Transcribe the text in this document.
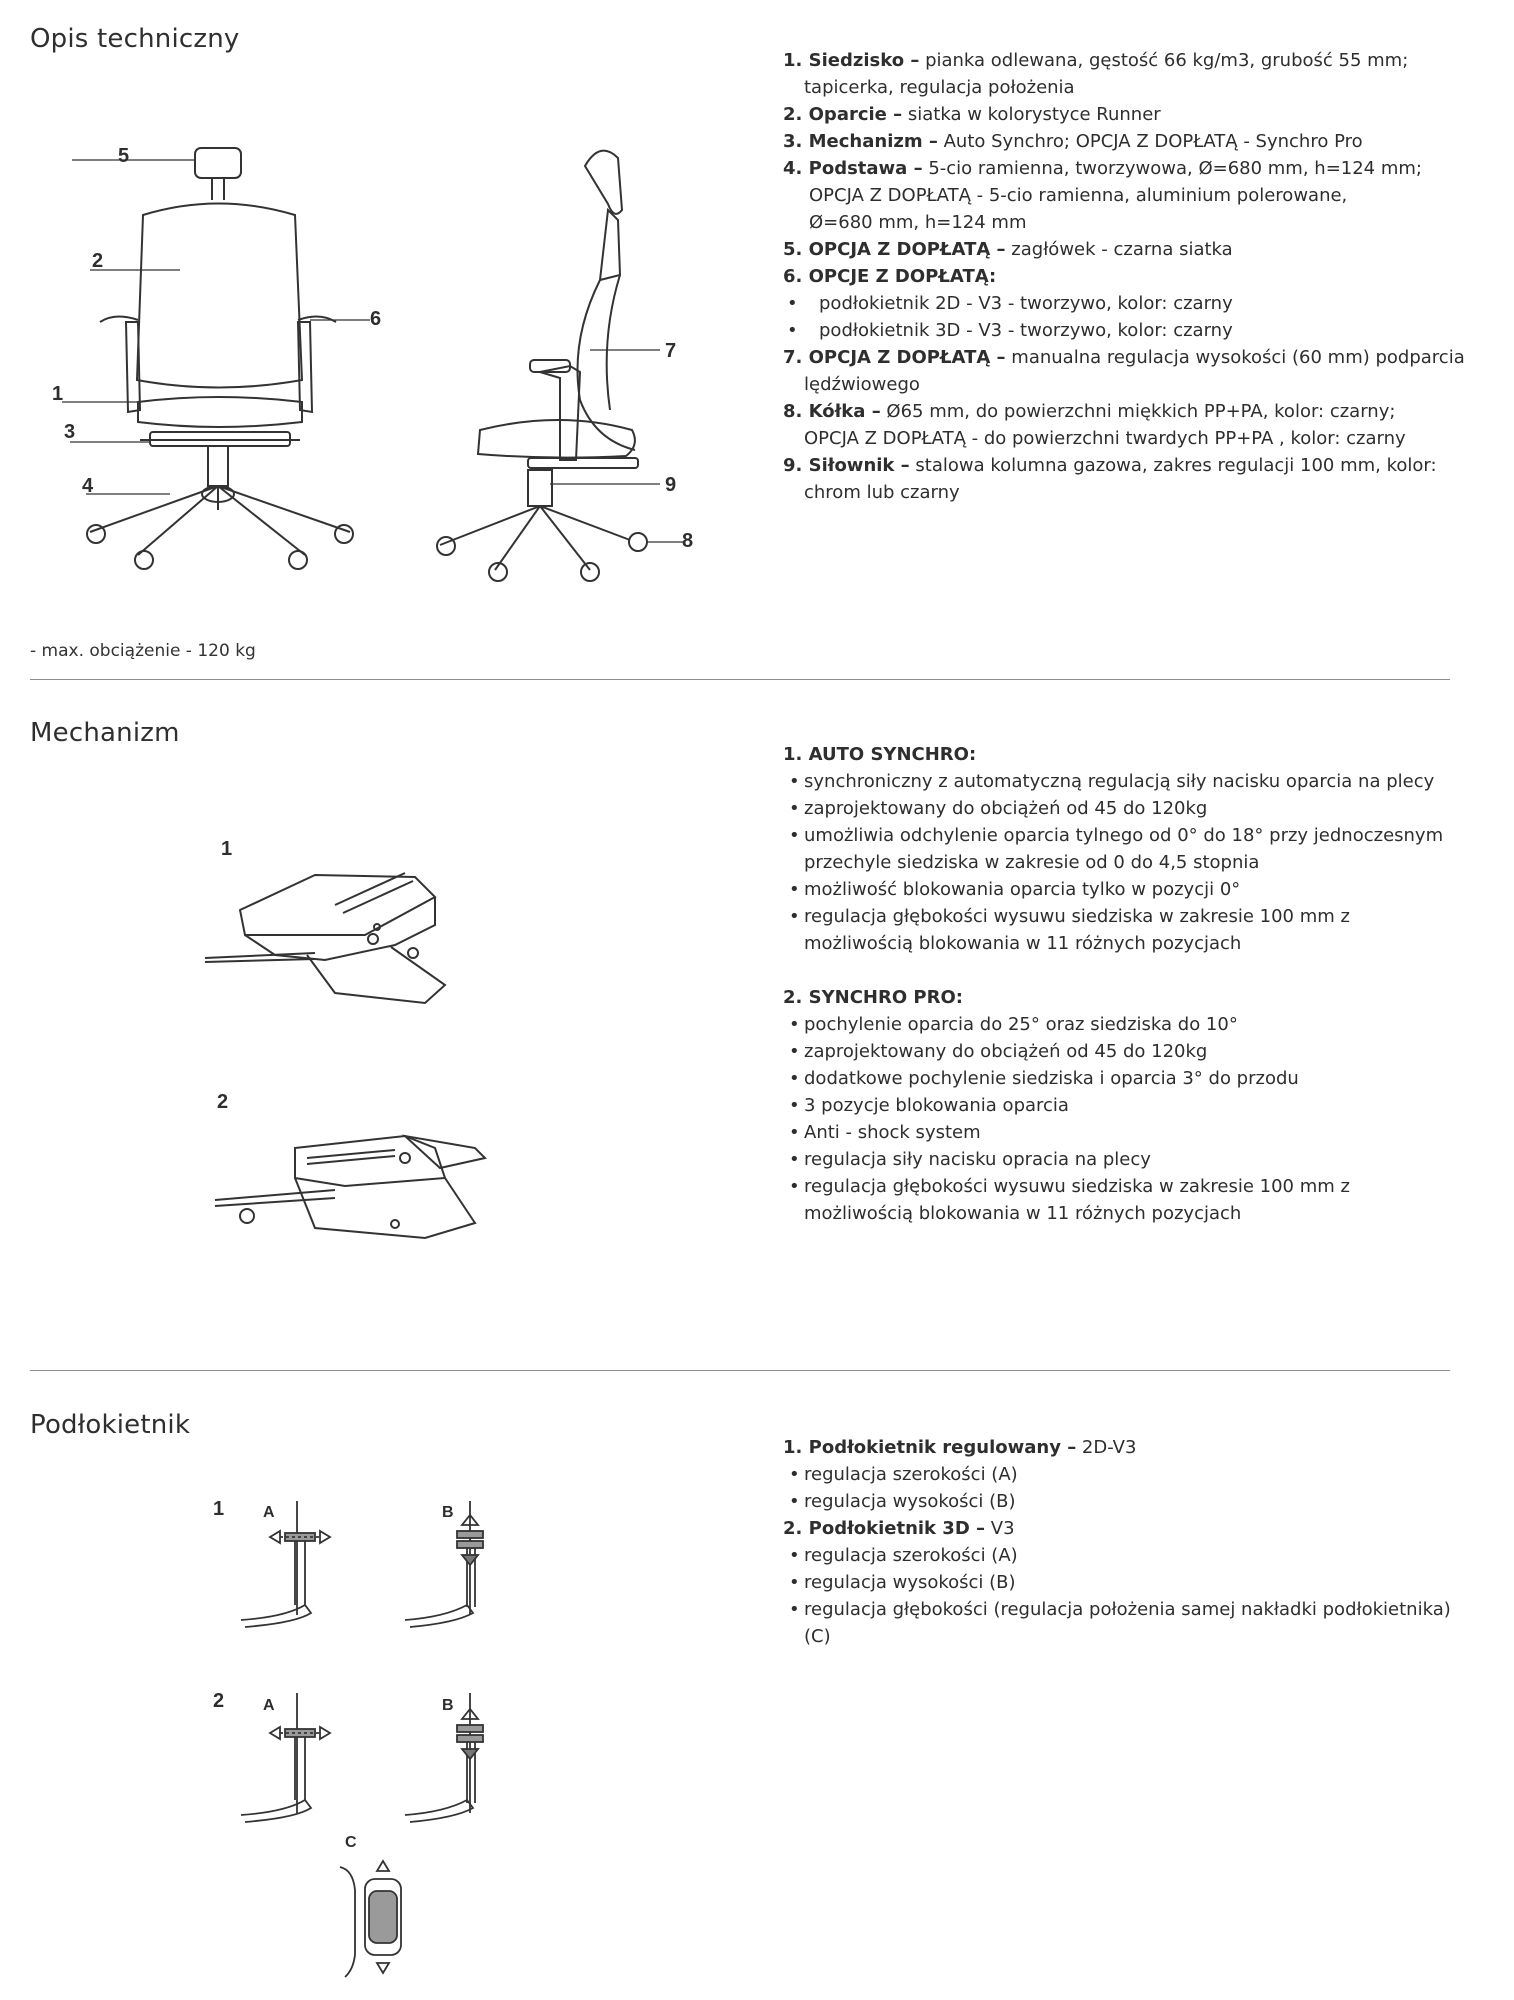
Opis techniczny
5
2
6
1
3
4
7
9
8

1. Siedzisko – pianka odlewana, gęstość 66 kg/m3, grubość 55 mm;

tapicerka, regulacja położenia

2. Oparcie – siatka w kolorystyce Runner

3. Mechanizm – Auto Synchro; OPCJA Z DOPŁATĄ - Synchro Pro

4. Podstawa – 5-cio ramienna, tworzywowa, Ø=680 mm, h=124 mm;

OPCJA Z DOPŁATĄ - 5-cio ramienna, aluminium polerowane,

Ø=680 mm, h=124 mm

5. OPCJA Z DOPŁATĄ – zagłówek - czarna siatka

6. OPCJE Z DOPŁATĄ:

• podłokietnik 2D - V3 - tworzywo, kolor: czarny

• podłokietnik 3D - V3 - tworzywo, kolor: czarny

7. OPCJA Z DOPŁATĄ – manualna regulacja wysokości (60 mm) podparcia

lędźwiowego

8. Kółka – Ø65 mm, do powierzchni miękkich PP+PA, kolor: czarny;

OPCJA Z DOPŁATĄ - do powierzchni twardych PP+PA , kolor: czarny

9. Siłownik – stalowa kolumna gazowa, zakres regulacji 100 mm, kolor:

chrom lub czarny

- max. obciążenie - 120 kg
Mechanizm
1
2

1. AUTO SYNCHRO:

• synchroniczny z automatyczną regulacją siły nacisku oparcia na plecy

• zaprojektowany do obciążeń od 45 do 120kg

• umożliwia odchylenie oparcia tylnego od 0° do 18° przy jednoczesnym

przechyle siedziska w zakresie od 0 do 4,5 stopnia

• możliwość blokowania oparcia tylko w pozycji 0°

• regulacja głębokości wysuwu siedziska w zakresie 100 mm z

możliwością blokowania w 11 różnych pozycjach

2. SYNCHRO PRO:

• pochylenie oparcia do 25° oraz siedziska do 10°

• zaprojektowany do obciążeń od 45 do 120kg

• dodatkowe pochylenie siedziska i oparcia 3° do przodu

• 3 pozycje blokowania oparcia

• Anti - shock system

• regulacja siły nacisku opracia na plecy

• regulacja głębokości wysuwu siedziska w zakresie 100 mm z

możliwością blokowania w 11 różnych pozycjach

Podłokietnik
1 A	B
2 A	B
C

1. Podłokietnik regulowany – 2D-V3

• regulacja szerokości (A)

• regulacja wysokości (B)

2. Podłokietnik 3D – V3

• regulacja szerokości (A)

• regulacja wysokości (B)

• regulacja głębokości (regulacja położenia samej nakładki podłokietnika)

(C)
